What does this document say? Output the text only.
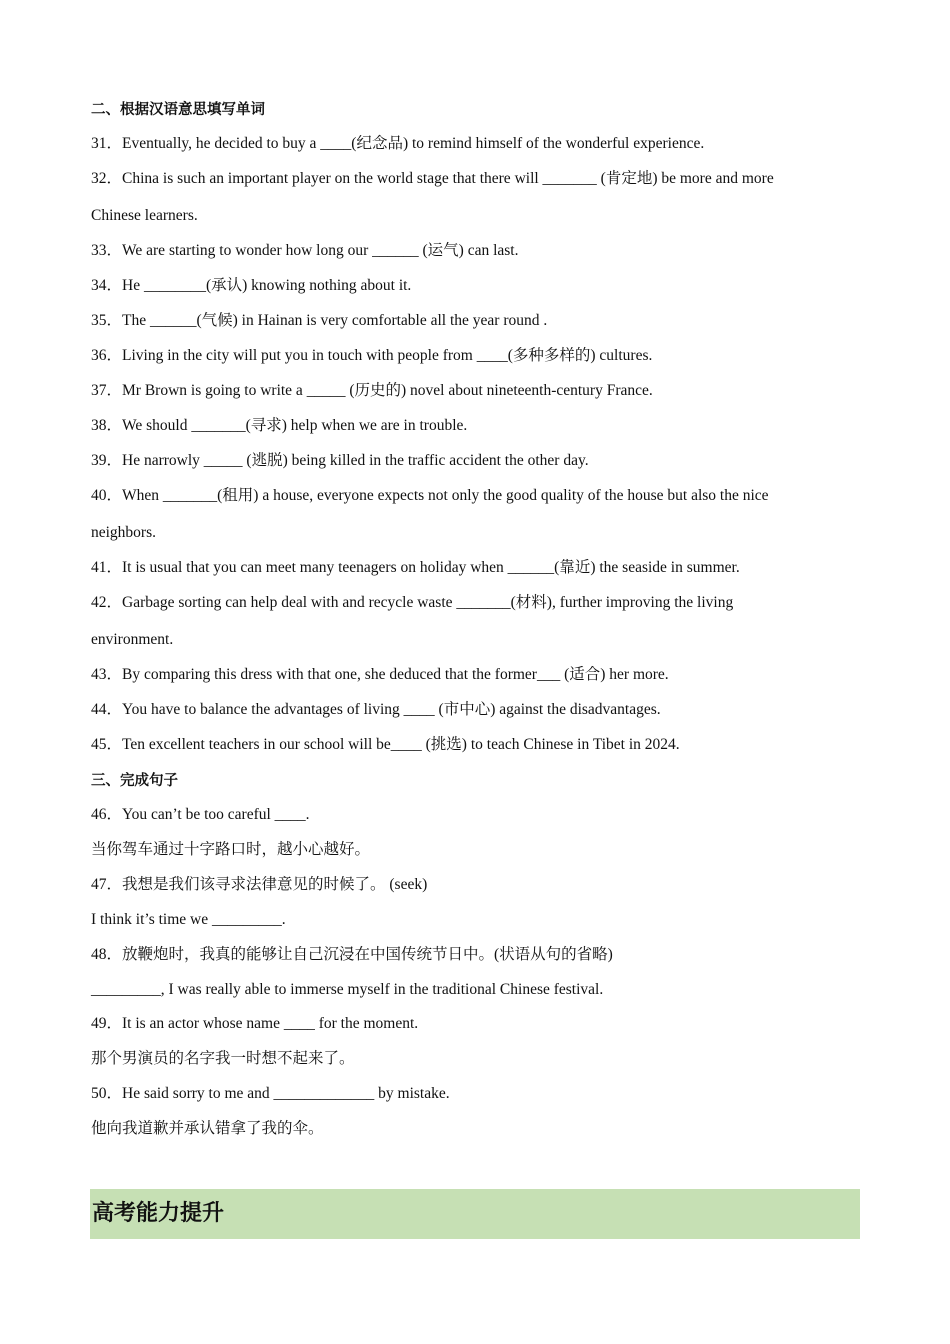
二、根据汉语意思填写单词
31．Eventually, he decided to buy a ____(纪念品) to remind himself of the wonderful experience.
32．China is such an important player on the world stage that there will _______ (肯定地) be more and more
Chinese learners.
33．We are starting to wonder how long our ______ (运气) can last.
34．He ________(承认) knowing nothing about it.
35．The ______(气候) in Hainan is very comfortable all the year round .
36．Living in the city will put you in touch with people from ____(多种多样的) cultures.
37．Mr Brown is going to write a _____ (历史的) novel about nineteenth-century France.
38．We should _______(寻求) help when we are in trouble.
39．He narrowly _____ (逃脱) being killed in the traffic accident the other day.
40．When _______(租用) a house, everyone expects not only the good quality of the house but also the nice
neighbors.
41．It is usual that you can meet many teenagers on holiday when ______(靠近) the seaside in summer.
42．Garbage sorting can help deal with and recycle waste _______(材料), further improving the living
environment.
43．By comparing this dress with that one, she deduced that the former___ (适合) her more.
44．You have to balance the advantages of living ____ (市中心) against the disadvantages.
45．Ten excellent teachers in our school will be____ (挑选) to teach Chinese in Tibet in 2024.
三、完成句子
46．You can’t be too careful ____.
当你驾车通过十字路口时，越小心越好。
47．我想是我们该寻求法律意见的时候了。 (seek)
I think it’s time we _________.
48．放鞭炮时，我真的能够让自己沉浸在中国传统节日中。(状语从句的省略)
_________, I was really able to immerse myself in the traditional Chinese festival.
49．It is an actor whose name ____ for the moment.
那个男演员的名字我一时想不起来了。
50．He said sorry to me and _____________ by mistake.
他向我道歉并承认错拿了我的伞。
高考能力提升
